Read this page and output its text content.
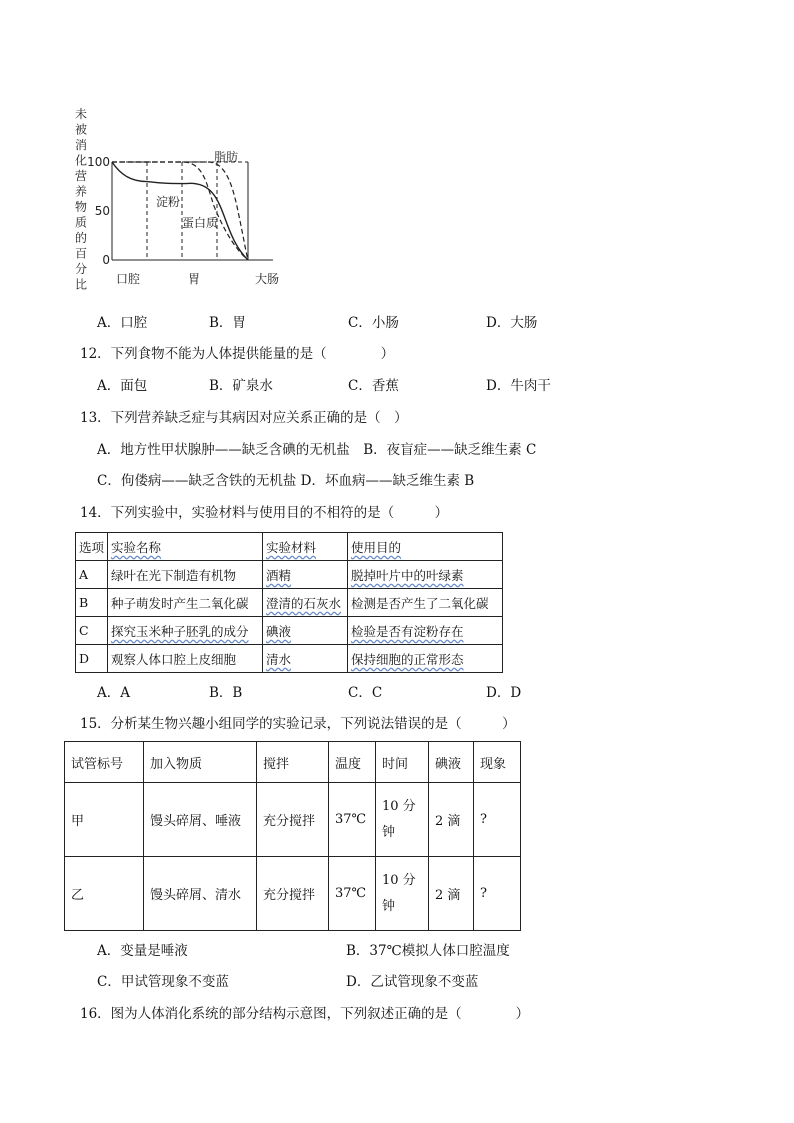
未
被
消
化
营
养
物
质
的
百
分
比
100
50
0
口腔	胃	大肠
淀粉
蛋白质
脂肪
A．口腔	B．胃	C．小肠	D．大肠
12．下列食物不能为人体提供能量的是（　　　　）
A．面包	B．矿泉水	C．香蕉	D．牛肉干
13．下列营养缺乏症与其病因对应关系正确的是（　）
A．地方性甲状腺肿——缺乏含碘的无机盐　B．夜盲症——缺乏维生素 C
C．佝偻病——缺乏含铁的无机盐 D．坏血病——缺乏维生素 B
14．下列实验中，实验材料与使用目的不相符的是（　　　）
选项	实验名称	实验材料	使用目的
A	绿叶在光下制造有机物	酒精	脱掉叶片中的叶绿素
B	种子萌发时产生二氧化碳	澄清的石灰水	检测是否产生了二氧化碳
C	探究玉米种子胚乳的成分	碘液	检验是否有淀粉存在
D	观察人体口腔上皮细胞	清水	保持细胞的正常形态
A．A	B．B	C．C	D．D
15．分析某生物兴趣小组同学的实验记录，下列说法错误的是（　　　）
试管标号	加入物质	搅拌	温度	时间	碘液	现象
甲	馒头碎屑、唾液	充分搅拌	37℃	10 分钟	2 滴	?
乙	馒头碎屑、清水	充分搅拌	37℃	10 分钟	2 滴	?
A．变量是唾液	B．37℃模拟人体口腔温度
C．甲试管现象不变蓝	D．乙试管现象不变蓝
16．图为人体消化系统的部分结构示意图，下列叙述正确的是（　　　　）
